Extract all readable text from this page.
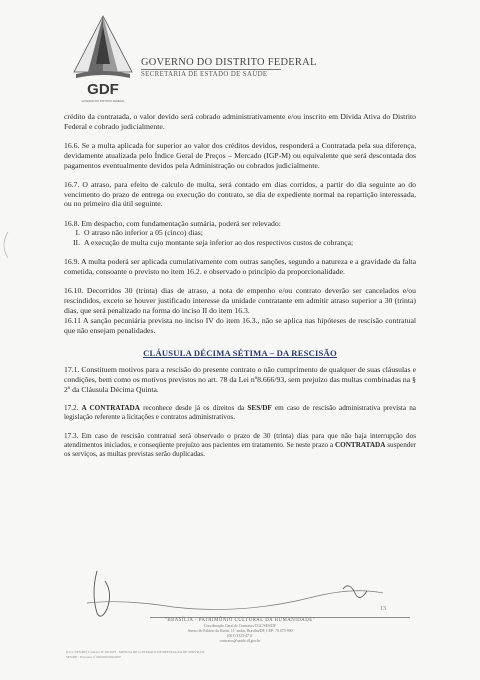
GDF
GOVERNO DO DISTRITO FEDERAL
GOVERNO DO DISTRITO FEDERAL
SECRETARIA DE ESTADO DE SAÚDE

crédito da contratada, o valor devido será cobrado administrativamente e/ou inscrito em Dívida Ativa do Distrito Federal e cobrado judicialmente.

16.6. Se a multa aplicada for superior ao valor dos créditos devidos, responderá a Contratada pela sua diferença, devidamente atualizada pelo Índice Geral de Preços – Mercado (IGP-M) ou equivalente que será descontada dos pagamentos eventualmente devidos pela Administração ou cobrados judicialmente.

16.7. O atraso, para efeito de calculo de multa, será contado em dias corridos, a partir do dia seguinte ao do vencimento do prazo de entrega ou execução do contrato, se dia de expediente normal na repartição interessada, ou no primeiro dia útil seguinte.

16.8. Em despacho, com fundamentação sumária, poderá ser relevado:

I. O atraso não inferior a 05 (cinco) dias;
II. A execução de multa cujo montante seja inferior ao dos respectivos custos de cobrança;

16.9. A multa poderá ser aplicada cumulativamente com outras sanções, segundo a natureza e a gravidade da falta cometida, consoante o previsto no item 16.2. e observado o princípio da proporcionalidade.

16.10. Decorridos 30 (trinta) dias de atraso, a nota de empenho e/ou contrato deverão ser cancelados e/ou rescindidos, exceto se houver justificado interesse da unidade contratante em admitir atraso superior a 30 (trinta) dias, que será penalizado na forma do inciso II do item 16.3.

16.11 A sanção pecuniária prevista no inciso IV do item 16.3., não se aplica nas hipóteses de rescisão contratual que não ensejam penalidades.

CLÁUSULA DÉCIMA SÉTIMA – DA RESCISÃO

17.1. Constituem motivos para a rescisão do presente contrato o não cumprimento de qualquer de suas cláusulas e condições, bem como os motivos previstos no art. 78 da Lei nº8.666/93, sem prejuízo das multas combinadas na § 2º da Cláusula Décima Quinta.

17.2. A CONTRATADA reconhece desde já os direitos da SES/DF em caso de rescisão administrativa prevista na legislação referente a licitações e contratos administrativos.

17.3. Em caso de rescisão contratual será observado o prazo de 30 (trinta) dias para que não haja interrupção dos atendimentos iniciados, e conseqüente prejuízo aos pacientes em tratamento. Se neste prazo a CONTRATADA suspender os serviços, as multas previstas serão duplicadas.

13
"BRASÍLIA - PATRIMÔNIO CULTURAL DA HUMANIDADE"
Coordenação Geral de Contratos/CGC/SES/DF
Anexo do Palácio do Buriti, 11º andar, Brasília/DF, CEP: 70.075-900
(061) 3325-4711
contratos@saude.df.gov.br
(CCC/SES/DF) Contrato Nº 00/2007 - MINUTA DE CONTRATO DE PRESTAÇÃO DE SERVIÇOS
SES/DF - Processo nº 060.000.000/2007
